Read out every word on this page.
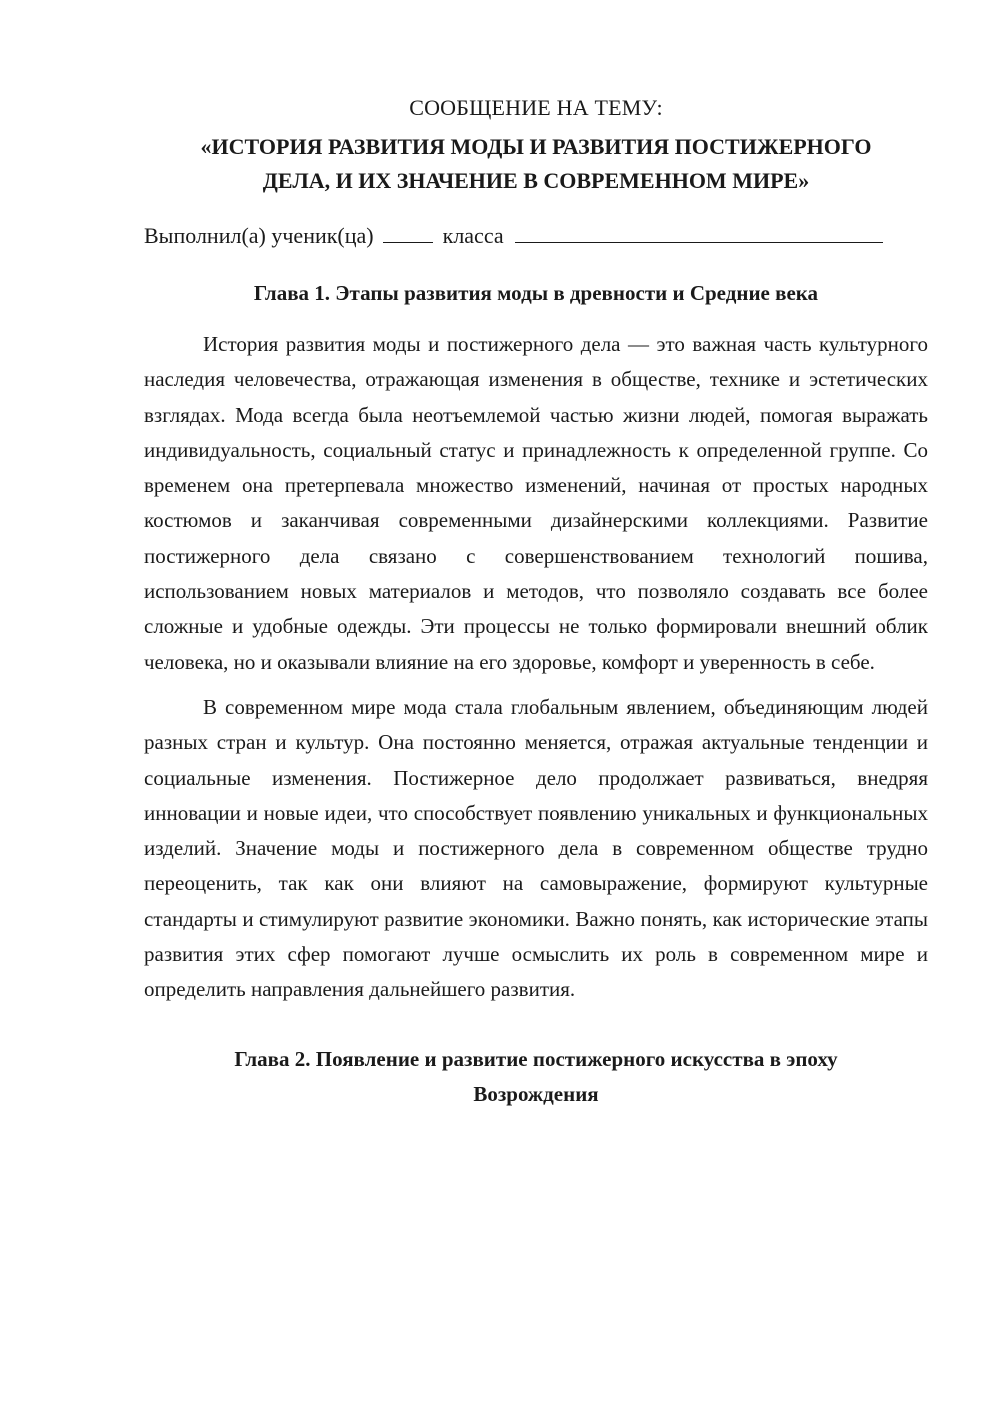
СООБЩЕНИЕ НА ТЕМУ:

«ИСТОРИЯ РАЗВИТИЯ МОДЫ И РАЗВИТИЯ ПОСТИЖЕРНОГО
ДЕЛА, И ИХ ЗНАЧЕНИЕ В СОВРЕМЕННОМ МИРЕ»

Выполнил(а) ученик(ца)	класса

Глава 1. Этапы развития моды в древности и Средние века

История развития моды и постижерного дела — это важная часть культурного наследия человечества, отражающая изменения в обществе, технике и эстетических взглядах. Мода всегда была неотъемлемой частью жизни людей, помогая выражать индивидуальность, социальный статус и принадлежность к определенной группе. Со временем она претерпевала множество изменений, начиная от простых народных костюмов и заканчивая современными дизайнерскими коллекциями. Развитие постижерного дела связано с совершенствованием технологий пошива, использованием новых материалов и методов, что позволяло создавать все более сложные и удобные одежды. Эти процессы не только формировали внешний облик человека, но и оказывали влияние на его здоровье, комфорт и уверенность в себе.

В современном мире мода стала глобальным явлением, объединяющим людей разных стран и культур. Она постоянно меняется, отражая актуальные тенденции и социальные изменения. Постижерное дело продолжает развиваться, внедряя инновации и новые идеи, что способствует появлению уникальных и функциональных изделий. Значение моды и постижерного дела в современном обществе трудно переоценить, так как они влияют на самовыражение, формируют культурные стандарты и стимулируют развитие экономики. Важно понять, как исторические этапы развития этих сфер помогают лучше осмыслить их роль в современном мире и определить направления дальнейшего развития.

Глава 2. Появление и развитие постижерного искусства в эпоху
Возрождения
